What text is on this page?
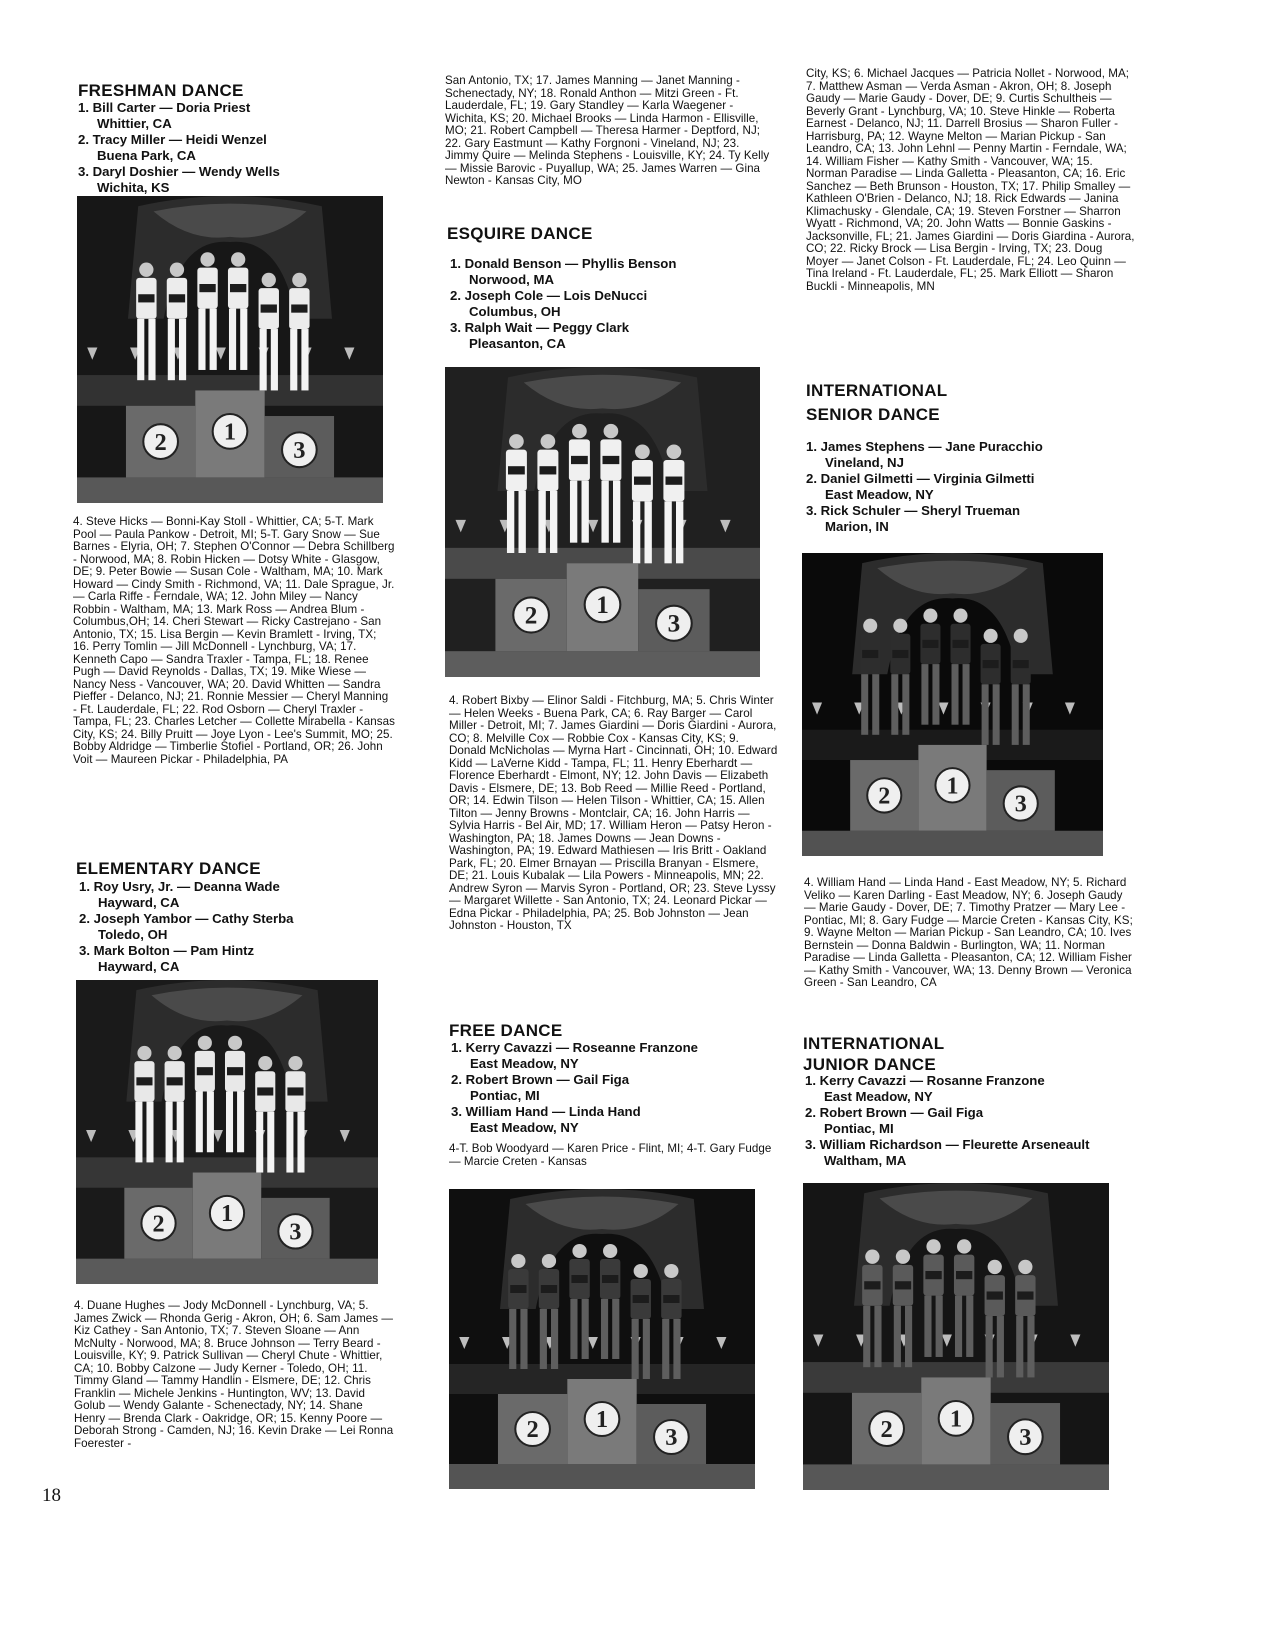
FRESHMAN DANCE
1. Bill Carter — Doria Priest
Whittier, CA
2. Tracy Miller — Heidi Wenzel
Buena Park, CA
3. Daryl Doshier — Wendy Wells
Wichita, KS
2 1
3

4. Steve Hicks — Bonni-Kay Stoll - Whittier, CA; 5-T. Mark Pool — Paula Pankow - Detroit, MI; 5-T. Gary Snow — Sue Barnes - Elyria, OH; 7. Stephen O'Connor — Debra Schillberg - Norwood, MA; 8. Robin Hicken — Dotsy White - Glasgow, DE; 9. Peter Bowie — Susan Cole - Waltham, MA; 10. Mark Howard — Cindy Smith - Richmond, VA; 11. Dale Sprague, Jr. — Carla Riffe - Ferndale, WA; 12. John Miley — Nancy Robbin - Waltham, MA; 13. Mark Ross — Andrea Blum - Columbus,OH; 14. Cheri Stewart — Ricky Castrejano - San Antonio, TX; 15. Lisa Bergin — Kevin Bramlett - Irving, TX; 16. Perry Tomlin — Jill McDonnell - Lynchburg, VA; 17. Kenneth Capo — Sandra Traxler - Tampa, FL; 18. Renee Pugh — David Reynolds - Dallas, TX; 19. Mike Wiese — Nancy Ness - Vancouver, WA; 20. David Whitten — Sandra Pieffer - Delanco, NJ; 21. Ronnie Messier — Cheryl Manning - Ft. Lauderdale, FL; 22. Rod Osborn — Cheryl Traxler - Tampa, FL; 23. Charles Letcher — Collette Mirabella - Kansas City, KS; 24. Billy Pruitt — Joye Lyon - Lee's Summit, MO; 25. Bobby Aldridge — Timberlie Stofiel - Portland, OR; 26. John Voit — Maureen Pickar - Philadelphia, PA

ELEMENTARY DANCE
1. Roy Usry, Jr. — Deanna Wade
Hayward, CA
2. Joseph Yambor — Cathy Sterba
Toledo, OH
3. Mark Bolton — Pam Hintz
Hayward, CA
2 1
3

4. Duane Hughes — Jody McDonnell - Lynchburg, VA; 5. James Zwick — Rhonda Gerig - Akron, OH; 6. Sam James — Kiz Cathey - San Antonio, TX; 7. Steven Sloane — Ann McNulty - Norwood, MA; 8. Bruce Johnson — Terry Beard - Louisville, KY; 9. Patrick Sullivan — Cheryl Chute - Whittier, CA; 10. Bobby Calzone — Judy Kerner - Toledo, OH; 11. Timmy Gland — Tammy Handlin - Elsmere, DE; 12. Chris Franklin — Michele Jenkins - Huntington, WV; 13. David Golub — Wendy Galante - Schenectady, NY; 14. Shane Henry — Brenda Clark - Oakridge, OR; 15. Kenny Poore — Deborah Strong - Camden, NJ; 16. Kevin Drake — Lei Ronna Foerester -

18

San Antonio, TX; 17. James Manning — Janet Manning - Schenectady, NY; 18. Ronald Anthon — Mitzi Green - Ft. Lauderdale, FL; 19. Gary Standley — Karla Waegener - Wichita, KS; 20. Michael Brooks — Linda Harmon - Ellisville, MO; 21. Robert Campbell — Theresa Harmer - Deptford, NJ; 22. Gary Eastmunt — Kathy Forgnoni - Vineland, NJ; 23. Jimmy Quire — Melinda Stephens - Louisville, KY; 24. Ty Kelly — Missie Barovic - Puyallup, WA; 25. James Warren — Gina Newton - Kansas City, MO

ESQUIRE DANCE
1. Donald Benson — Phyllis Benson
Norwood, MA
2. Joseph Cole — Lois DeNucci
Columbus, OH
3. Ralph Wait — Peggy Clark
Pleasanton, CA
2 1
3

4. Robert Bixby — Elinor Saldi - Fitchburg, MA; 5. Chris Winter — Helen Weeks - Buena Park, CA; 6. Ray Barger — Carol Miller - Detroit, MI; 7. James Giardini — Doris Giardini - Aurora, CO; 8. Melville Cox — Robbie Cox - Kansas City, KS; 9. Donald McNicholas — Myrna Hart - Cincinnati, OH; 10. Edward Kidd — LaVerne Kidd - Tampa, FL; 11. Henry Eberhardt — Florence Eberhardt - Elmont, NY; 12. John Davis — Elizabeth Davis - Elsmere, DE; 13. Bob Reed — Millie Reed - Portland, OR; 14. Edwin Tilson — Helen Tilson - Whittier, CA; 15. Allen Tilton — Jenny Browns - Montclair, CA; 16. John Harris — Sylvia Harris - Bel Air, MD; 17. William Heron — Patsy Heron - Washington, PA; 18. James Downs — Jean Downs - Washington, PA; 19. Edward Mathiesen — Iris Britt - Oakland Park, FL; 20. Elmer Brnayan — Priscilla Branyan - Elsmere, DE; 21. Louis Kubalak — Lila Powers - Minneapolis, MN; 22. Andrew Syron — Marvis Syron - Portland, OR; 23. Steve Lyssy — Margaret Willette - San Antonio, TX; 24. Leonard Pickar — Edna Pickar - Philadelphia, PA; 25. Bob Johnston — Jean Johnston - Houston, TX

FREE DANCE
1. Kerry Cavazzi — Roseanne Franzone
East Meadow, NY
2. Robert Brown — Gail Figa
Pontiac, MI
3. William Hand — Linda Hand
East Meadow, NY

4-T. Bob Woodyard — Karen Price - Flint, MI; 4-T. Gary Fudge — Marcie Creten - Kansas

2 1
3

City, KS; 6. Michael Jacques — Patricia Nollet - Norwood, MA; 7. Matthew Asman — Verda Asman - Akron, OH; 8. Joseph Gaudy — Marie Gaudy - Dover, DE; 9. Curtis Schultheis — Beverly Grant - Lynchburg, VA; 10. Steve Hinkle — Roberta Earnest - Delanco, NJ; 11. Darrell Brosius — Sharon Fuller - Harrisburg, PA; 12. Wayne Melton — Marian Pickup - San Leandro, CA; 13. John Lehnl — Penny Martin - Ferndale, WA; 14. William Fisher — Kathy Smith - Vancouver, WA; 15. Norman Paradise — Linda Galletta - Pleasanton, CA; 16. Eric Sanchez — Beth Brunson - Houston, TX; 17. Philip Smalley — Kathleen O'Brien - Delanco, NJ; 18. Rick Edwards — Janina Klimachusky - Glendale, CA; 19. Steven Forstner — Sharron Wyatt - Richmond, VA; 20. John Watts — Bonnie Gaskins - Jacksonville, FL; 21. James Giardini — Doris Giardina - Aurora, CO; 22. Ricky Brock — Lisa Bergin - Irving, TX; 23. Doug Moyer — Janet Colson - Ft. Lauderdale, FL; 24. Leo Quinn — Tina Ireland - Ft. Lauderdale, FL; 25. Mark Elliott — Sharon Buckli - Minneapolis, MN

INTERNATIONAL
SENIOR DANCE
1. James Stephens — Jane Puracchio
Vineland, NJ
2. Daniel Gilmetti — Virginia Gilmetti
East Meadow, NY
3. Rick Schuler — Sheryl Trueman
Marion, IN
2 1
3

4. William Hand — Linda Hand - East Meadow, NY; 5. Richard Veliko — Karen Darling - East Meadow, NY; 6. Joseph Gaudy — Marie Gaudy - Dover, DE; 7. Timothy Pratzer — Mary Lee - Pontiac, MI; 8. Gary Fudge — Marcie Creten - Kansas City, KS; 9. Wayne Melton — Marian Pickup - San Leandro, CA; 10. Ives Bernstein — Donna Baldwin - Burlington, WA; 11. Norman Paradise — Linda Galletta - Pleasanton, CA; 12. William Fisher — Kathy Smith - Vancouver, WA; 13. Denny Brown — Veronica Green - San Leandro, CA

INTERNATIONAL
JUNIOR DANCE
1. Kerry Cavazzi — Rosanne Franzone
East Meadow, NY
2. Robert Brown — Gail Figa
Pontiac, MI
3. William Richardson — Fleurette Arseneault
Waltham, MA
2 1
3
